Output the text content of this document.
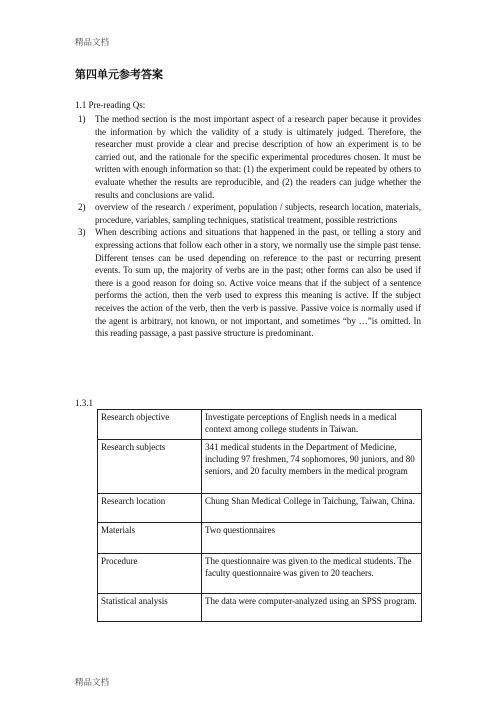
精品文档
第四单元参考答案
1.1 Pre-reading Qs:
1) The method section is the most important aspect of a research paper because it provides the information by which the validity of a study is ultimately judged. Therefore, the researcher must provide a clear and precise description of how an experiment is to be carried out, and the rationale for the specific experimental procedures chosen. It must be written with enough information so that: (1) the experiment could be repeated by others to evaluate whether the results are reproducible, and (2) the readers can judge whether the results and conclusions are valid.
2) overview of the research / experiment, population / subjects, research location, materials, procedure, variables, sampling techniques, statistical treatment, possible restrictions
3) When describing actions and situations that happened in the past, or telling a story and expressing actions that follow each other in a story, we normally use the simple past tense. Different tenses can be used depending on reference to the past or recurring present events. To sum up, the majority of verbs are in the past; other forms can also be used if there is a good reason for doing so. Active voice means that if the subject of a sentence performs the action, then the verb used to express this meaning is active. If the subject receives the action of the verb, then the verb is passive. Passive voice is normally used if the agent is arbitrary, not known, or not important, and sometimes “by …”is omitted. In this reading passage, a past passive structure is predominant.
1.3.1
Research objective	Investigate perceptions of English needs in a medical context among college students in Taiwan.
Research subjects	341 medical students in the Department of Medicine, including 97 freshmen, 74 sophomores, 90 juniors, and 80 seniors, and 20 faculty members in the medical program
Research location	Chung Shan Medical College in Taichung, Taiwan, China.
Materials	Two questionnaires
Procedure	The questionnaire was given to the medical students. The faculty questionnaire was given to 20 teachers.
Statistical analysis	The data were computer-analyzed using an SPSS program.
精品文档
